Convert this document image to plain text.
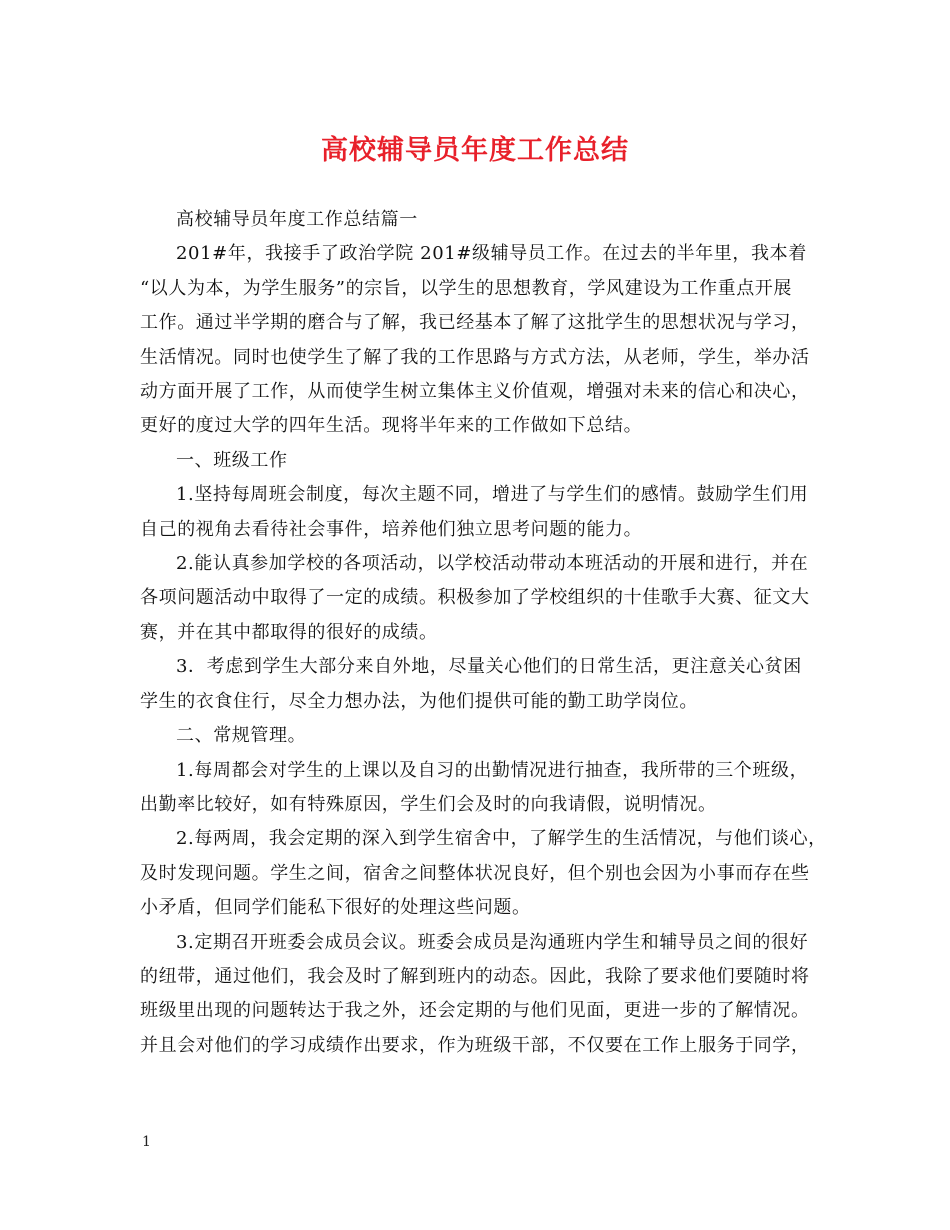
高校辅导员年度工作总结

高校辅导员年度工作总结篇一

201#年，我接手了政治学院 201#级辅导员工作。在过去的半年里，我本着

“以人为本，为学生服务”的宗旨，以学生的思想教育，学风建设为工作重点开展

工作。通过半学期的磨合与了解，我已经基本了解了这批学生的思想状况与学习，

生活情况。同时也使学生了解了我的工作思路与方式方法，从老师，学生，举办活

动方面开展了工作，从而使学生树立集体主义价值观，增强对未来的信心和决心，

更好的度过大学的四年生活。现将半年来的工作做如下总结。

一、班级工作

1.坚持每周班会制度，每次主题不同，增进了与学生们的感情。鼓励学生们用

自己的视角去看待社会事件，培养他们独立思考问题的能力。

2.能认真参加学校的各项活动，以学校活动带动本班活动的开展和进行，并在

各项问题活动中取得了一定的成绩。积极参加了学校组织的十佳歌手大赛、征文大

赛，并在其中都取得的很好的成绩。

3．考虑到学生大部分来自外地，尽量关心他们的日常生活，更注意关心贫困

学生的衣食住行，尽全力想办法，为他们提供可能的勤工助学岗位。

二、常规管理。

1.每周都会对学生的上课以及自习的出勤情况进行抽查，我所带的三个班级，

出勤率比较好，如有特殊原因，学生们会及时的向我请假，说明情况。

2.每两周，我会定期的深入到学生宿舍中，了解学生的生活情况，与他们谈心，

及时发现问题。学生之间，宿舍之间整体状况良好，但个别也会因为小事而存在些

小矛盾，但同学们能私下很好的处理这些问题。

3.定期召开班委会成员会议。班委会成员是沟通班内学生和辅导员之间的很好

的纽带，通过他们，我会及时了解到班内的动态。因此，我除了要求他们要随时将

班级里出现的问题转达于我之外，还会定期的与他们见面，更进一步的了解情况。

并且会对他们的学习成绩作出要求，作为班级干部，不仅要在工作上服务于同学，

1
